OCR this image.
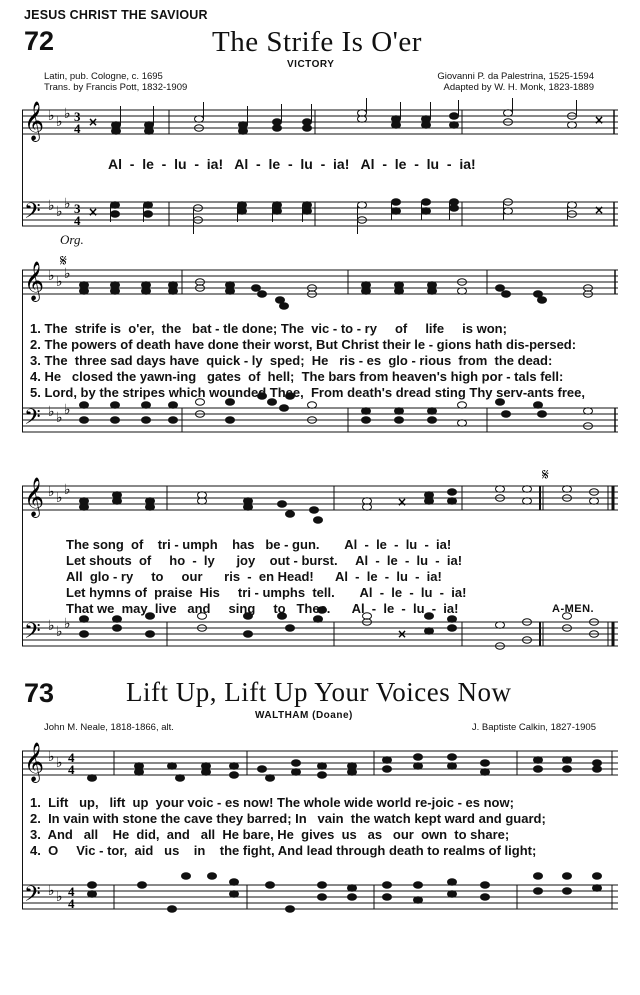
JESUS CHRIST THE SAVIOUR
72	The Strife Is O'er
VICTORY
Latin, pub. Cologne, c. 1695
Trans. by Francis Pott, 1832-1909
Giovanni P. da Palestrina, 1525-1594
Adapted by W. H. Monk, 1823-1889
𝄞
𝄢
♭ ♭ ♭
♭ ♭ ♭
3
4
3
4
×
×
×
×
Al  -  le  -  lu  -  ia!   Al  -  le  -  lu  -  ia!   Al  -  le  -  lu  -  ia!
Org.
𝄋
𝄞
𝄢
♭ ♭ ♭
♭ ♭ ♭
1. The  strife is  o'er,  the   bat - tle done; The  vic - to - ry     of     life     is won;
2. The powers of death have done their worst, But Christ their le - gions hath dis-persed:
3. The  three sad days have  quick - ly  sped;  He   ris - es  glo - rious  from  the dead:
4. He   closed the yawn-ing   gates  of  hell;  The bars from heaven's high por - tals fell:
5. Lord, by the stripes which wounded Thee,  From death's dread sting Thy serv-ants free,
𝄋
𝄞
𝄢
♭ ♭ ♭
♭ ♭ ♭
×
×
The song  of    tri - umph    has   be - gun.       Al  -  le  -  lu  -  ia!
Let shouts  of     ho  -  ly      joy    out - burst.     Al  -  le  -  lu  -  ia!
All  glo - ry     to     our      ris  -  en Head!      Al  -  le  -  lu  -  ia!
Let hymns of  praise  His     tri - umphs  tell.       Al  -  le  -  lu  -  ia!
That we  may  live   and     sing     to   Thee.      Al  -  le  -  lu  -  ia!	A-MEN.
73	Lift Up, Lift Up Your Voices Now
WALTHAM (Doane)
John M. Neale, 1818-1866, alt.	J. Baptiste Calkin, 1827-1905
𝄞
𝄢
♭ ♭
♭ ♭
4
4
4
4
1.  Lift   up,   lift  up  your voic - es now! The whole wide world re-joic - es now;
2.  In vain with stone the cave they barred; In   vain  the watch kept ward and guard;
3.  And   all    He  did,  and   all  He bare, He  gives  us   as   our  own  to share;
4.  O     Vic - tor,  aid   us    in    the fight, And lead through death to realms of light;
